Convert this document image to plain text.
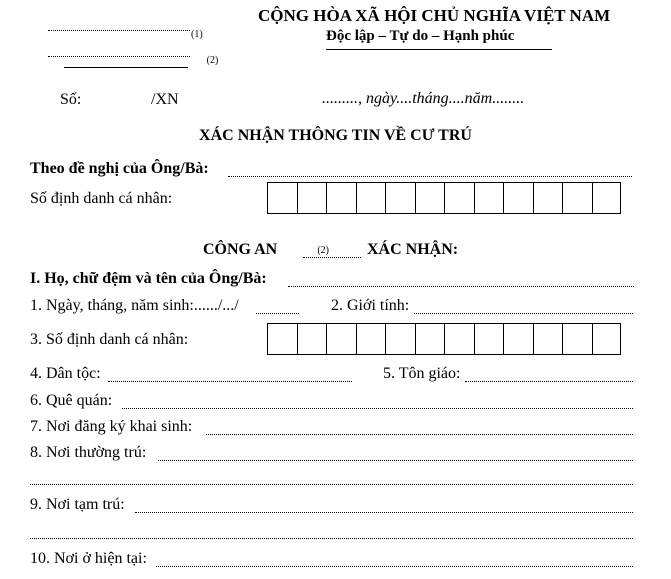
$_{(1)}$
$_{(2)}$
CỘNG HÒA XÃ HỘI CHỦ NGHĨA VIỆT NAM
Độc lập – Tự do – Hạnh phúc
Số:	/XN	........., ngày....tháng....năm........
XÁC NHẬN THÔNG TIN VỀ CƯ TRÚ
Theo đề nghị của Ông/Bà:
Số định danh cá nhân:
CÔNG AN	$_{(2)}$ XÁC NHẬN:
I. Họ, chữ đệm và tên của Ông/Bà:
1. Ngày, tháng, năm sinh:....../.../	2. Giới tính:
3. Số định danh cá nhân:
4. Dân tộc:	5. Tôn giáo:
6. Quê quán:
7. Nơi đăng ký khai sinh:
8. Nơi thường trú:
9. Nơi tạm trú:
10. Nơi ở hiện tại:
